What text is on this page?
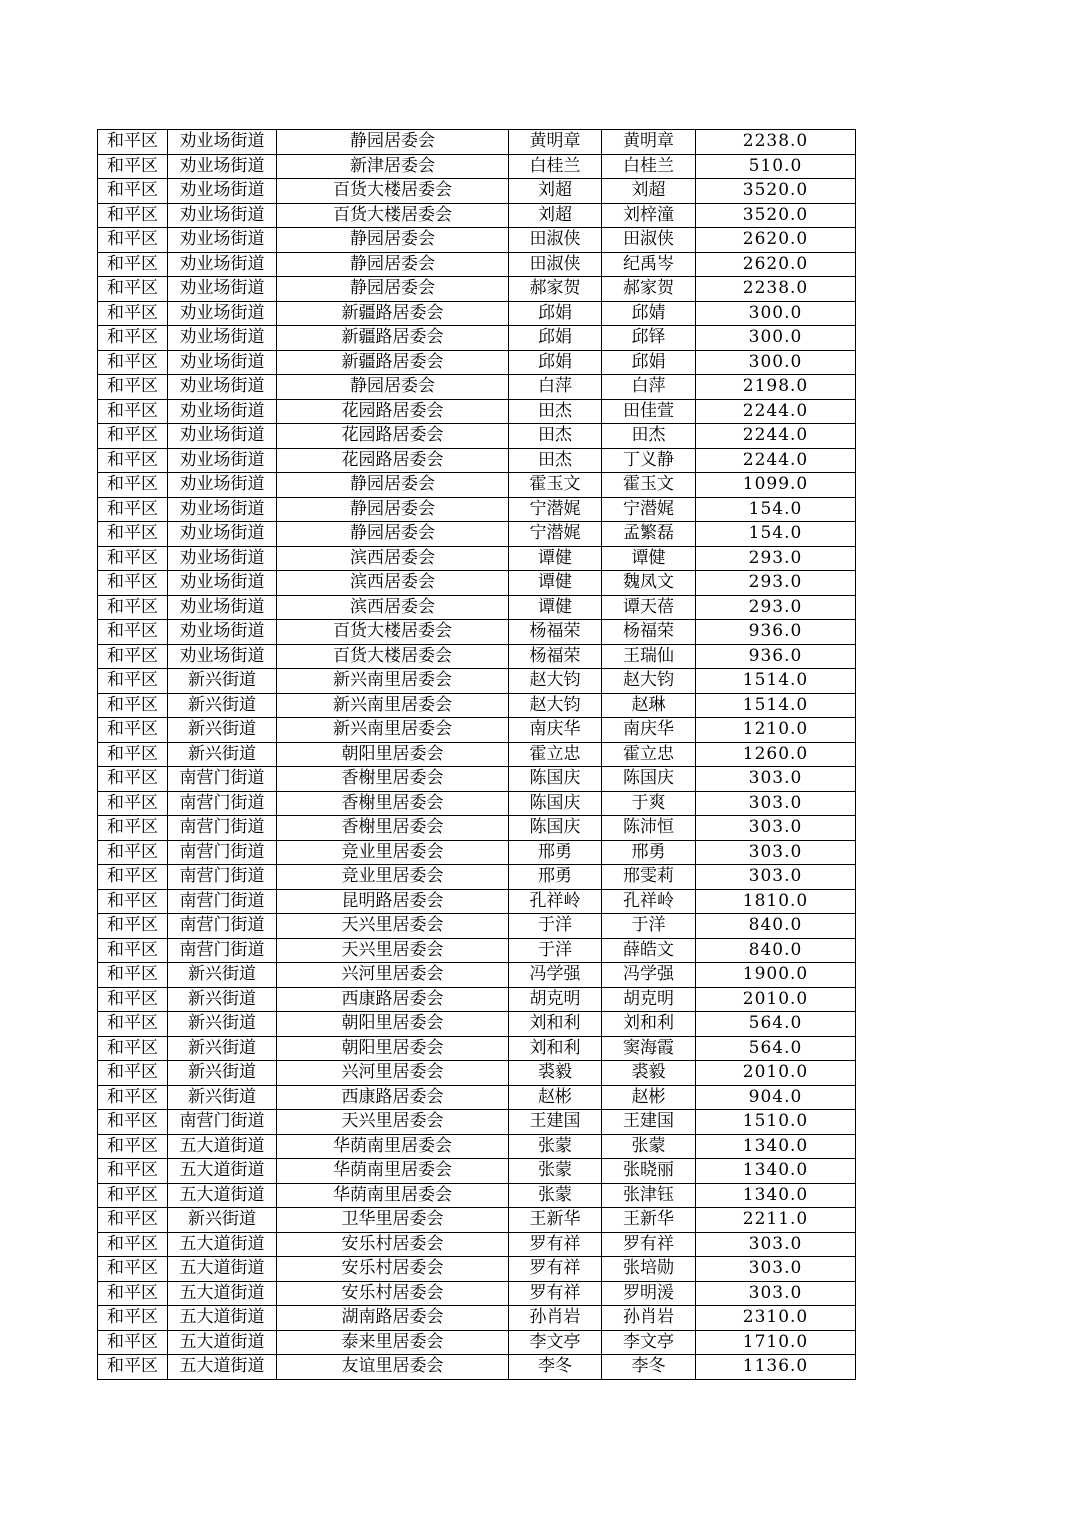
和平区	劝业场街道	静园居委会	黄明章	黄明章	2238.0
和平区	劝业场街道	新津居委会	白桂兰	白桂兰	510.0
和平区	劝业场街道	百货大楼居委会	刘超	刘超	3520.0
和平区	劝业场街道	百货大楼居委会	刘超	刘梓潼	3520.0
和平区	劝业场街道	静园居委会	田淑侠	田淑侠	2620.0
和平区	劝业场街道	静园居委会	田淑侠	纪禹岑	2620.0
和平区	劝业场街道	静园居委会	郝家贺	郝家贺	2238.0
和平区	劝业场街道	新疆路居委会	邱娟	邱婧	300.0
和平区	劝业场街道	新疆路居委会	邱娟	邱铎	300.0
和平区	劝业场街道	新疆路居委会	邱娟	邱娟	300.0
和平区	劝业场街道	静园居委会	白萍	白萍	2198.0
和平区	劝业场街道	花园路居委会	田杰	田佳萱	2244.0
和平区	劝业场街道	花园路居委会	田杰	田杰	2244.0
和平区	劝业场街道	花园路居委会	田杰	丁义静	2244.0
和平区	劝业场街道	静园居委会	霍玉文	霍玉文	1099.0
和平区	劝业场街道	静园居委会	宁潜娓	宁潜娓	154.0
和平区	劝业场街道	静园居委会	宁潜娓	孟繁磊	154.0
和平区	劝业场街道	滨西居委会	谭健	谭健	293.0
和平区	劝业场街道	滨西居委会	谭健	魏凤文	293.0
和平区	劝业场街道	滨西居委会	谭健	谭天蓓	293.0
和平区	劝业场街道	百货大楼居委会	杨福荣	杨福荣	936.0
和平区	劝业场街道	百货大楼居委会	杨福荣	王瑞仙	936.0
和平区	新兴街道	新兴南里居委会	赵大钧	赵大钧	1514.0
和平区	新兴街道	新兴南里居委会	赵大钧	赵琳	1514.0
和平区	新兴街道	新兴南里居委会	南庆华	南庆华	1210.0
和平区	新兴街道	朝阳里居委会	霍立忠	霍立忠	1260.0
和平区	南营门街道	香榭里居委会	陈国庆	陈国庆	303.0
和平区	南营门街道	香榭里居委会	陈国庆	于爽	303.0
和平区	南营门街道	香榭里居委会	陈国庆	陈沛恒	303.0
和平区	南营门街道	竞业里居委会	邢勇	邢勇	303.0
和平区	南营门街道	竞业里居委会	邢勇	邢雯莉	303.0
和平区	南营门街道	昆明路居委会	孔祥岭	孔祥岭	1810.0
和平区	南营门街道	天兴里居委会	于洋	于洋	840.0
和平区	南营门街道	天兴里居委会	于洋	薛皓文	840.0
和平区	新兴街道	兴河里居委会	冯学强	冯学强	1900.0
和平区	新兴街道	西康路居委会	胡克明	胡克明	2010.0
和平区	新兴街道	朝阳里居委会	刘和利	刘和利	564.0
和平区	新兴街道	朝阳里居委会	刘和利	窦海霞	564.0
和平区	新兴街道	兴河里居委会	裘毅	裘毅	2010.0
和平区	新兴街道	西康路居委会	赵彬	赵彬	904.0
和平区	南营门街道	天兴里居委会	王建国	王建国	1510.0
和平区	五大道街道	华荫南里居委会	张蒙	张蒙	1340.0
和平区	五大道街道	华荫南里居委会	张蒙	张晓丽	1340.0
和平区	五大道街道	华荫南里居委会	张蒙	张津钰	1340.0
和平区	新兴街道	卫华里居委会	王新华	王新华	2211.0
和平区	五大道街道	安乐村居委会	罗有祥	罗有祥	303.0
和平区	五大道街道	安乐村居委会	罗有祥	张培勋	303.0
和平区	五大道街道	安乐村居委会	罗有祥	罗明湲	303.0
和平区	五大道街道	湖南路居委会	孙肖岩	孙肖岩	2310.0
和平区	五大道街道	泰来里居委会	李文亭	李文亭	1710.0
和平区	五大道街道	友谊里居委会	李冬	李冬	1136.0
